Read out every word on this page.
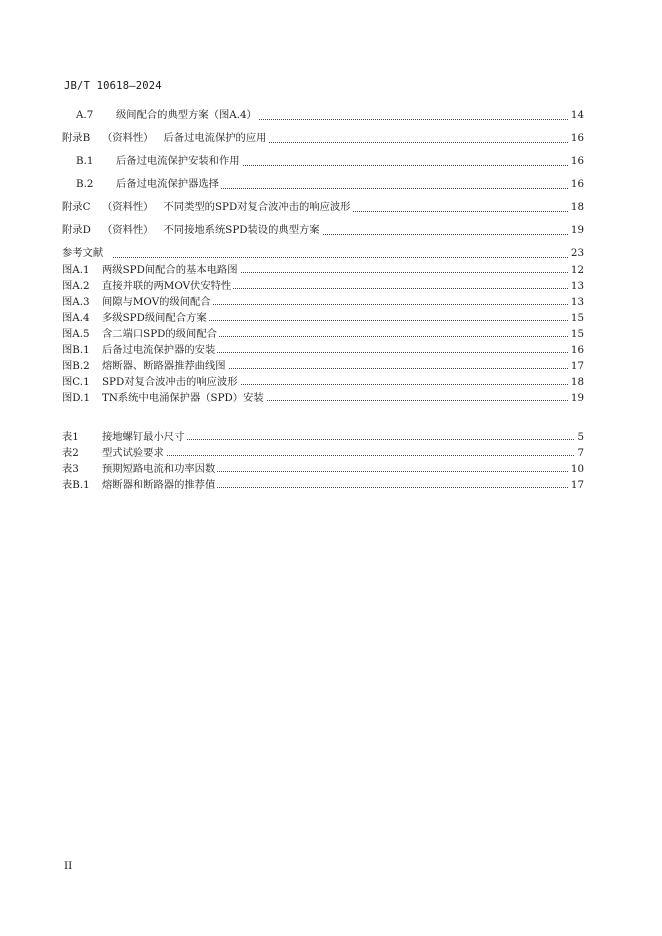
JB/T 10618—2024
A.7 级间配合的典型方案（图A.4）	14
附录B （资料性） 后备过电流保护的应用	16
B.1 后备过电流保护安装和作用	16
B.2 后备过电流保护器选择	16
附录C （资料性） 不同类型的SPD对复合波冲击的响应波形	18
附录D （资料性） 不同接地系统SPD装设的典型方案	19
参考文献	23
图A.1 两级SPD间配合的基本电路图	12
图A.2 直接并联的两MOV伏安特性	13
图A.3 间隙与MOV的级间配合	13
图A.4 多级SPD级间配合方案	15
图A.5 含二端口SPD的级间配合	15
图B.1 后备过电流保护器的安装	16
图B.2 熔断器、断路器推荐曲线图	17
图C.1 SPD对复合波冲击的响应波形	18
图D.1 TN系统中电涌保护器（SPD）安装	19
表1 接地螺钉最小尺寸	5
表2 型式试验要求	7
表3 预期短路电流和功率因数	10
表B.1 熔断器和断路器的推荐值	17
II
